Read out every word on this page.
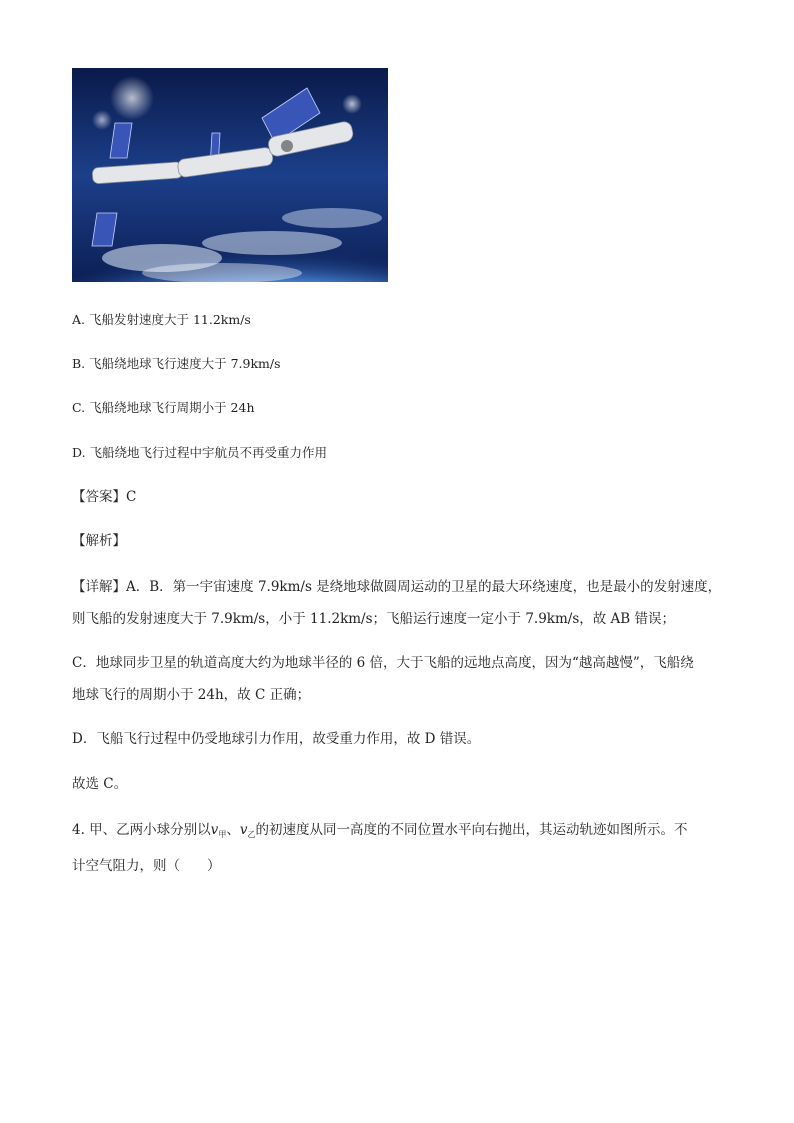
A. 飞船发射速度大于 11.2km/s
B. 飞船绕地球飞行速度大于 7.9km/s
C. 飞船绕地球飞行周期小于 24h
D. 飞船绕地飞行过程中宇航员不再受重力作用
【答案】C
【解析】
【详解】A．B．第一宇宙速度 7.9km/s 是绕地球做圆周运动的卫星的最大环绕速度，也是最小的发射速度，
则飞船的发射速度大于 7.9km/s，小于 11.2km/s；飞船运行速度一定小于 7.9km/s，故 AB 错误；
C．地球同步卫星的轨道高度大约为地球半径的 6 倍，大于飞船的远地点高度，因为“越高越慢”，飞船绕
地球飞行的周期小于 24h，故 C 正确；
D．飞船飞行过程中仍受地球引力作用，故受重力作用，故 D 错误。
故选 C。
4. 甲、乙两小球分别以$v_甲$、$v_乙$的初速度从同一高度的不同位置水平向右抛出，其运动轨迹如图所示。不
计空气阻力，则（　　）
